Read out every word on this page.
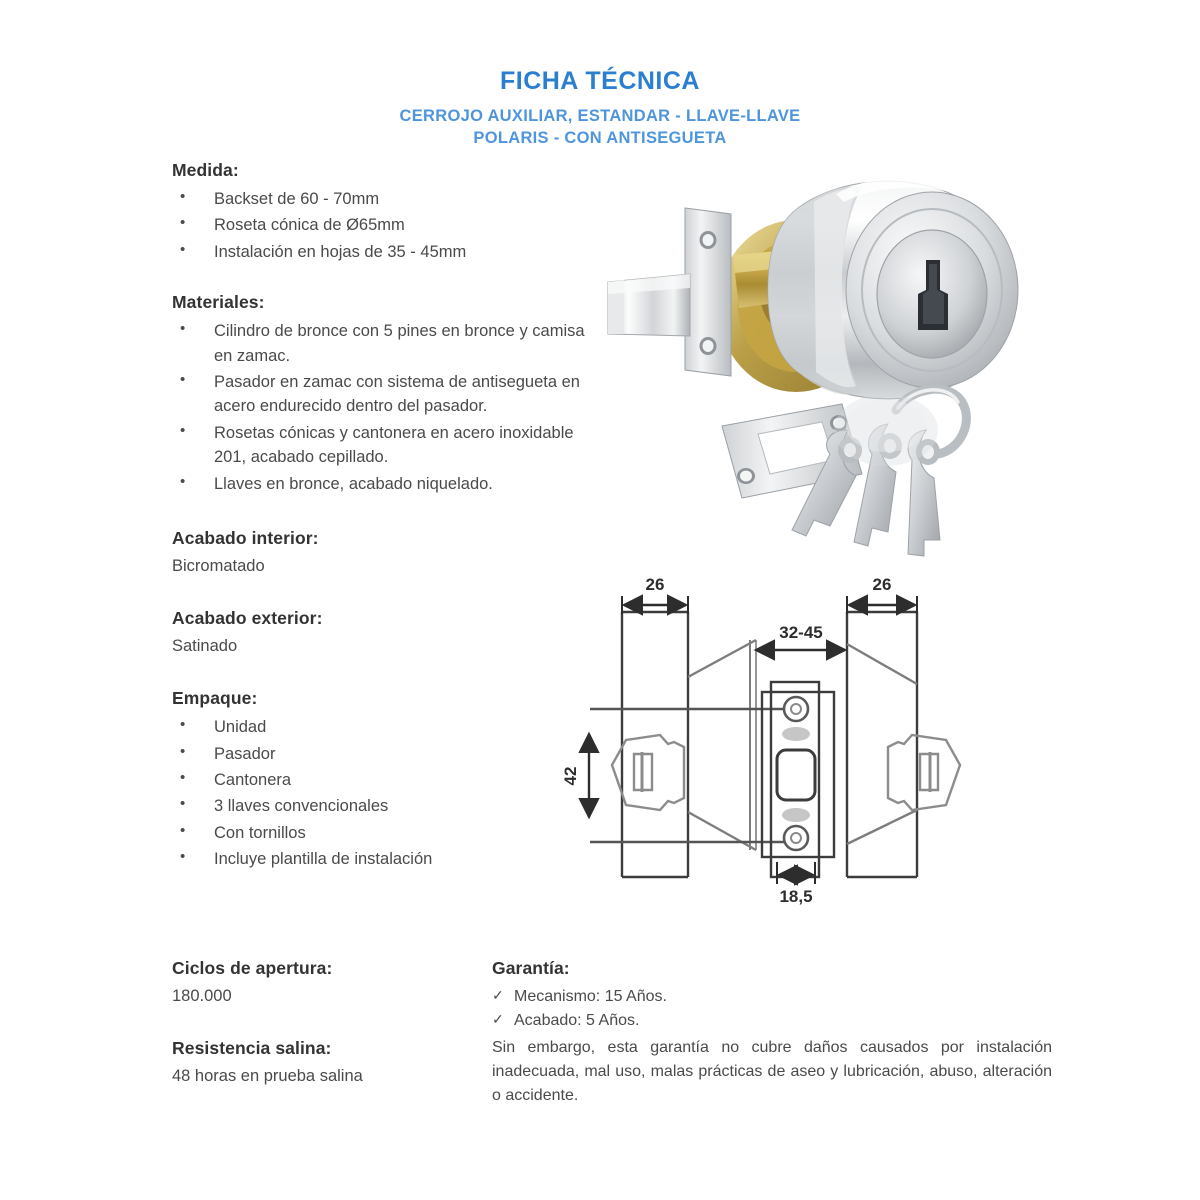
FICHA TÉCNICA
CERROJO AUXILIAR, ESTANDAR - LLAVE-LLAVE
POLARIS - CON ANTISEGUETA
Medida:
• Backset de 60 - 70mm
• Roseta cónica de Ø65mm
• Instalación en hojas de 35 - 45mm
Materiales:
• Cilindro de bronce con 5 pines en bronce y camisa en zamac.
• Pasador en zamac con sistema de antisegueta en acero endurecido dentro del pasador.
• Rosetas cónicas y cantonera en acero inoxidable 201, acabado cepillado.
• Llaves en bronce, acabado niquelado.
Acabado interior:

Bicromatado

Acabado exterior:

Satinado

Empaque:
• Unidad
• Pasador
• Cantonera
• 3 llaves convencionales
• Con tornillos
• Incluye plantilla de instalación
Ciclos de apertura:

180.000

Resistencia salina:

48 horas en prueba salina

Garantía:
✓ Mecanismo: 15 Años.
✓ Acabado: 5 Años.

Sin embargo, esta garantía no cubre daños causados por instalación inadecuada, mal uso, malas prácticas de aseo y lubricación, abuso, alteración o accidente.

26	26
32-45
42
18,5
